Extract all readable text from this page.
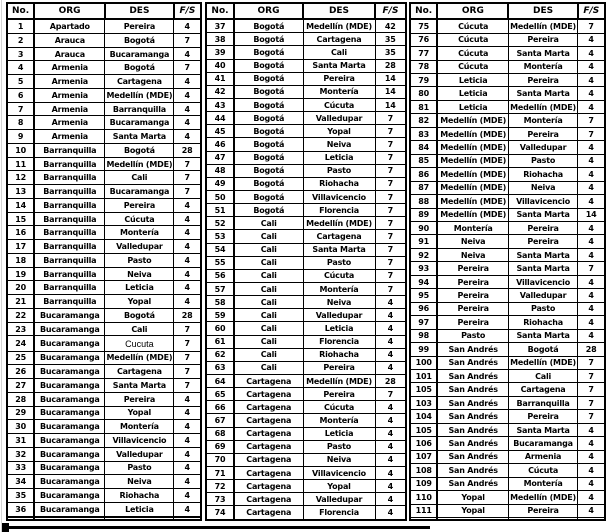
No.	ORG	DES	F/S
1	Apartado	Pereira	4
2	Arauca	Bogotá	7
3	Arauca	Bucaramanga	4
4	Armenia	Bogotá	7
5	Armenia	Cartagena	4
6	Armenia	Medellín (MDE)	4
7	Armenia	Barranquilla	4
8	Armenia	Bucaramanga	4
9	Armenia	Santa Marta	4
10	Barranquilla	Bogotá	28
11	Barranquilla	Medellín (MDE)	7
12	Barranquilla	Cali	7
13	Barranquilla	Bucaramanga	7
14	Barranquilla	Pereira	4
15	Barranquilla	Cúcuta	4
16	Barranquilla	Montería	4
17	Barranquilla	Valledupar	4
18	Barranquilla	Pasto	4
19	Barranquilla	Neiva	4
20	Barranquilla	Leticia	4
21	Barranquilla	Yopal	4
22	Bucaramanga	Bogotá	28
23	Bucaramanga	Cali	7
24	Bucaramanga	Cucuta	7
25	Bucaramanga	Medellín (MDE)	7
26	Bucaramanga	Cartagena	7
27	Bucaramanga	Santa Marta	7
28	Bucaramanga	Pereira	4
29	Bucaramanga	Yopal	4
30	Bucaramanga	Montería	4
31	Bucaramanga	Villavicencio	4
32	Bucaramanga	Valledupar	4
33	Bucaramanga	Pasto	4
34	Bucaramanga	Neiva	4
35	Bucaramanga	Riohacha	4
36	Bucaramanga	Leticia	4

No.	ORG	DES	F/S
37	Bogotá	Medellín (MDE)	42
38	Bogotá	Cartagena	35
39	Bogotá	Cali	35
40	Bogotá	Santa Marta	28
41	Bogotá	Pereira	14
42	Bogotá	Montería	14
43	Bogotá	Cúcuta	14
44	Bogotá	Valledupar	7
45	Bogotá	Yopal	7
46	Bogotá	Neiva	7
47	Bogotá	Leticia	7
48	Bogotá	Pasto	7
49	Bogotá	Riohacha	7
50	Bogotá	Villavicencio	7
51	Bogotá	Florencia	7
52	Cali	Medellín (MDE)	7
53	Cali	Cartagena	7
54	Cali	Santa Marta	7
55	Cali	Pasto	7
56	Cali	Cúcuta	7
57	Cali	Montería	7
58	Cali	Neiva	4
59	Cali	Valledupar	4
60	Cali	Leticia	4
61	Cali	Florencia	4
62	Cali	Riohacha	4
63	Cali	Pereira	4
64	Cartagena	Medellín (MDE)	28
65	Cartagena	Pereira	7
66	Cartagena	Cúcuta	4
67	Cartagena	Montería	4
68	Cartagena	Leticia	4
69	Cartagena	Pasto	4
70	Cartagena	Neiva	4
71	Cartagena	Villavicencio	4
72	Cartagena	Yopal	4
73	Cartagena	Valledupar	4
74	Cartagena	Florencia	4
No.	ORG	DES	F/S
75	Cúcuta	Medellín (MDE)	7
76	Cúcuta	Pereira	4
77	Cúcuta	Santa Marta	4
78	Cúcuta	Montería	4
79	Leticia	Pereira	4
80	Leticia	Santa Marta	4
81	Leticia	Medellín (MDE)	4
82	Medellín (MDE)	Montería	7
83	Medellín (MDE)	Pereira	7
84	Medellín (MDE)	Valledupar	4
85	Medellín (MDE)	Pasto	4
86	Medellín (MDE)	Riohacha	4
87	Medellín (MDE)	Neiva	4
88	Medellín (MDE)	Villavicencio	4
89	Medellín (MDE)	Santa Marta	14
90	Montería	Pereira	4
91	Neiva	Pereira	4
92	Neiva	Santa Marta	4
93	Pereira	Santa Marta	7
94	Pereira	Villavicencio	4
95	Pereira	Valledupar	4
96	Pereira	Pasto	4
97	Pereira	Riohacha	4
98	Pasto	Santa Marta	4
99	San Andrés	Bogotá	28
100	San Andrés	Medellín (MDE)	7
101	San Andrés	Cali	7
105	San Andrés	Cartagena	7
103	San Andrés	Barranquilla	7
104	San Andrés	Pereira	7
105	San Andrés	Santa Marta	4
106	San Andrés	Bucaramanga	4
107	San Andrés	Armenia	4
108	San Andrés	Cúcuta	4
109	San Andrés	Montería	4
110	Yopal	Medellín (MDE)	4
111	Yopal	Pereira	4
